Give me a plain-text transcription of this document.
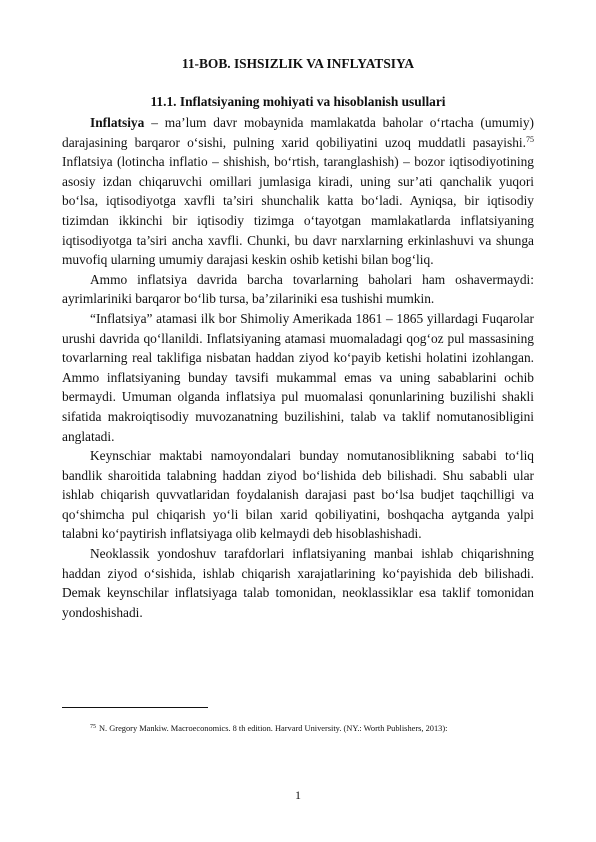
11-BOB. ISHSIZLIK VA INFLYATSIYA
11.1. Inflatsiyaning mohiyati va hisoblanish usullari

Inflatsiya – ma’lum davr mobaynida mamlakatda baholar o‘rtacha (umumiy) darajasining barqaror o‘sishi, pulning xarid qobiliyatini uzoq muddatli pasayishi.$^{75}$ Inflatsiya (lotincha inflatio – shishish, bo‘rtish, taranglashish) – bozor iqtisodiyotining asosiy izdan chiqaruvchi omillari jumlasiga kiradi, uning sur’ati qanchalik yuqori bo‘lsa, iqtisodiyotga xavfli ta’siri shunchalik katta bo‘ladi. Ayniqsa, bir iqtisodiy tizimdan ikkinchi bir iqtisodiy tizimga o‘tayotgan mamlakatlarda inflatsiyaning iqtisodiyotga ta’siri ancha xavfli. Chunki, bu davr narxlarning erkinlashuvi va shunga muvofiq ularning umumiy darajasi keskin oshib ketishi bilan bog‘liq.

Ammo inflatsiya davrida barcha tovarlarning baholari ham oshavermaydi: ayrimlariniki barqaror bo‘lib tursa, ba’zilariniki esa tushishi mumkin.

“Inflatsiya” atamasi ilk bor Shimoliy Amerikada 1861 – 1865 yillardagi Fuqarolar urushi davrida qo‘llanildi. Inflatsiyaning atamasi muomaladagi qog‘oz pul massasining tovarlarning real taklifiga nisbatan haddan ziyod ko‘payib ketishi holatini izohlangan. Ammo inflatsiyaning bunday tavsifi mukammal emas va uning sabablarini ochib bermaydi. Umuman olganda inflatsiya pul muomalasi qonunlarining buzilishi shakli sifatida makroiqtisodiy muvozanatning buzilishini, talab va taklif nomutanosibligini anglatadi.

Keynschiar maktabi namoyondalari bunday nomutanosiblikning sababi to‘liq bandlik sharoitida talabning haddan ziyod bo‘lishida deb bilishadi. Shu sababli ular ishlab chiqarish quvvatlaridan foydalanish darajasi past bo‘lsa budjet taqchilligi va qo‘shimcha pul chiqarish yo‘li bilan xarid qobiliyatini, boshqacha aytganda yalpi talabni ko‘paytirish inflatsiyaga olib kelmaydi deb hisoblashishadi.

Neoklassik yondoshuv tarafdorlari inflatsiyaning manbai ishlab chiqarishning haddan ziyod o‘sishida, ishlab chiqarish xarajatlarining ko‘payishida deb bilishadi. Demak keynschilar inflatsiyaga talab tomonidan, neoklassiklar esa taklif tomonidan yondoshishadi.

$^{75}$ N. Gregory Mankiw. Macroeconomics. 8 th edition. Harvard University. (NY.: Worth Publishers, 2013):
1
